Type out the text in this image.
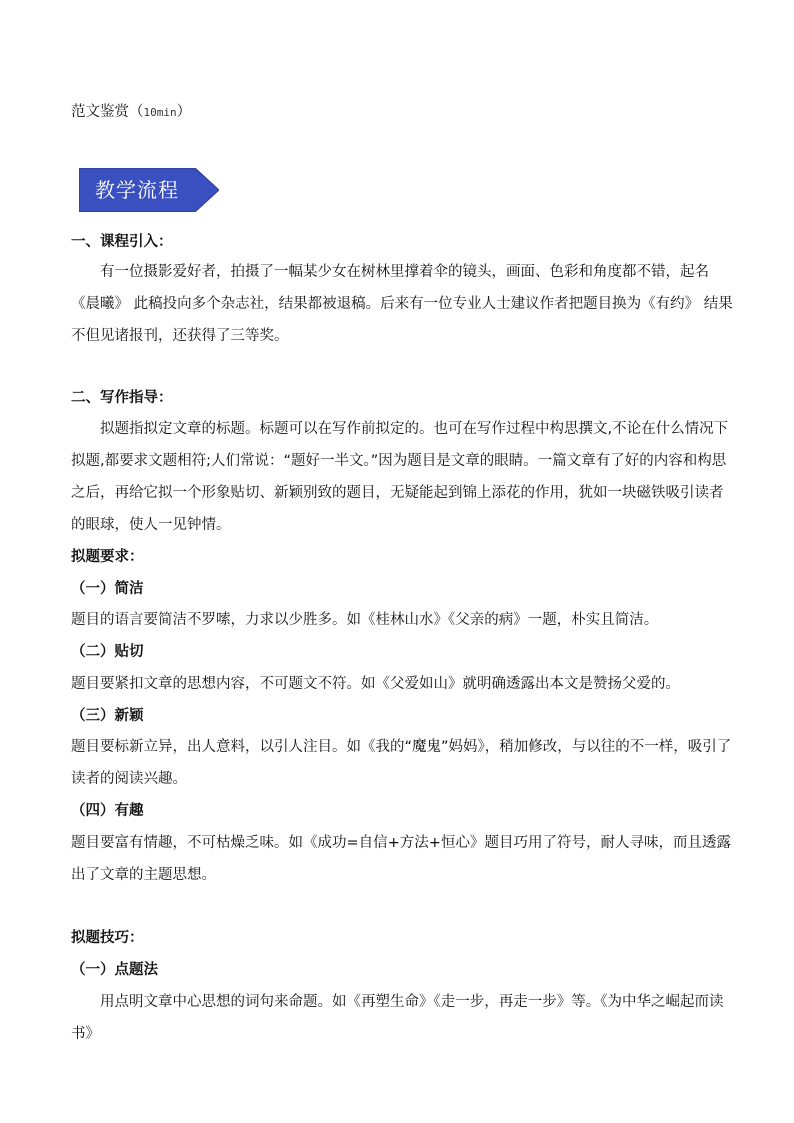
范文鉴赏（10min）
教学流程
一、课程引入：
有一位摄影爱好者，拍摄了一幅某少女在树林里撑着伞的镜头，画面、色彩和角度都不错，起名《晨曦》 此稿投向多个杂志社，结果都被退稿。后来有一位专业人士建议作者把题目换为《有约》 结果不但见诸报刊，还获得了三等奖。
二、写作指导：
拟题指拟定文章的标题。标题可以在写作前拟定的。也可在写作过程中构思撰文,不论在什么情况下拟题,都要求文题相符;人们常说：“题好一半文。”因为题目是文章的眼睛。一篇文章有了好的内容和构思之后，再给它拟一个形象贴切、新颖别致的题目，无疑能起到锦上添花的作用，犹如一块磁铁吸引读者的眼球，使人一见钟情。
拟题要求：
（一）简洁
题目的语言要简洁不罗嗦，力求以少胜多。如《桂林山水》《父亲的病》一题，朴实且简洁。
（二）贴切
题目要紧扣文章的思想内容，不可题文不符。如《父爱如山》就明确透露出本文是赞扬父爱的。
（三）新颖
题目要标新立异，出人意料，以引人注目。如《我的“魔鬼”妈妈》，稍加修改，与以往的不一样，吸引了读者的阅读兴趣。
（四）有趣
题目要富有情趣，不可枯燥乏味。如《成功=自信+方法+恒心》题目巧用了符号，耐人寻味，而且透露出了文章的主题思想。
拟题技巧：
（一）点题法
用点明文章中心思想的词句来命题。如《再塑生命》《走一步，再走一步》等。《为中华之崛起而读书》
